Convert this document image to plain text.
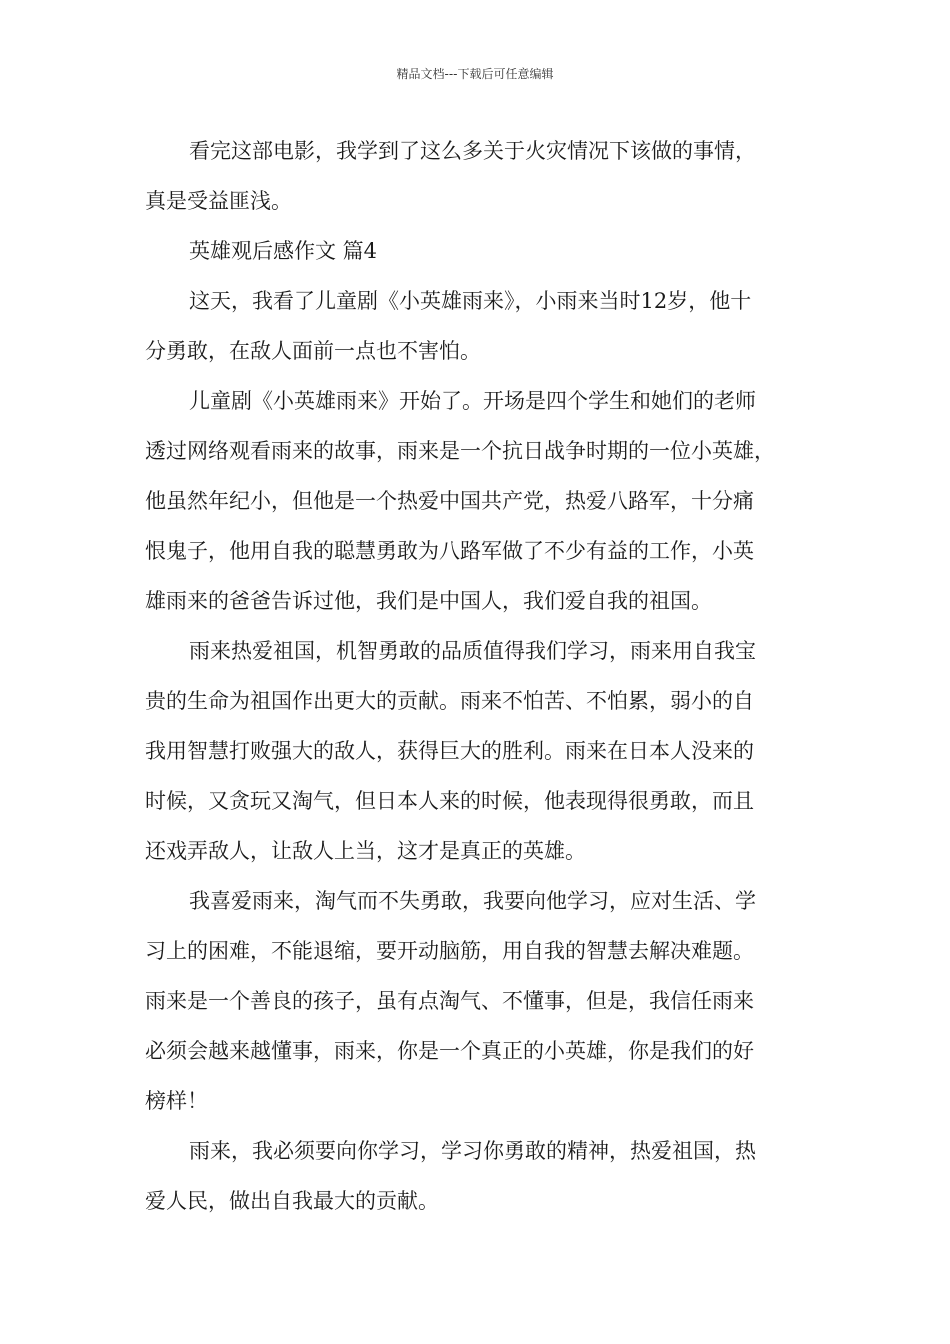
精品文档---下载后可任意编辑
看完这部电影，我学到了这么多关于火灾情况下该做的事情，
真是受益匪浅。
英雄观后感作文 篇4
这天，我看了儿童剧《小英雄雨来》，小雨来当时12岁，他十
分勇敢，在敌人面前一点也不害怕。
儿童剧《小英雄雨来》开始了。开场是四个学生和她们的老师
透过网络观看雨来的故事，雨来是一个抗日战争时期的一位小英雄，
他虽然年纪小，但他是一个热爱中国共产党，热爱八路军，十分痛
恨鬼子，他用自我的聪慧勇敢为八路军做了不少有益的工作，小英
雄雨来的爸爸告诉过他，我们是中国人，我们爱自我的祖国。
雨来热爱祖国，机智勇敢的品质值得我们学习，雨来用自我宝
贵的生命为祖国作出更大的贡献。雨来不怕苦、不怕累，弱小的自
我用智慧打败强大的敌人，获得巨大的胜利。雨来在日本人没来的
时候，又贪玩又淘气，但日本人来的时候，他表现得很勇敢，而且
还戏弄敌人，让敌人上当，这才是真正的英雄。
我喜爱雨来，淘气而不失勇敢，我要向他学习，应对生活、学
习上的困难，不能退缩，要开动脑筋，用自我的智慧去解决难题。
雨来是一个善良的孩子，虽有点淘气、不懂事，但是，我信任雨来
必须会越来越懂事，雨来，你是一个真正的小英雄，你是我们的好
榜样！
雨来，我必须要向你学习，学习你勇敢的精神，热爱祖国，热
爱人民，做出自我最大的贡献。
